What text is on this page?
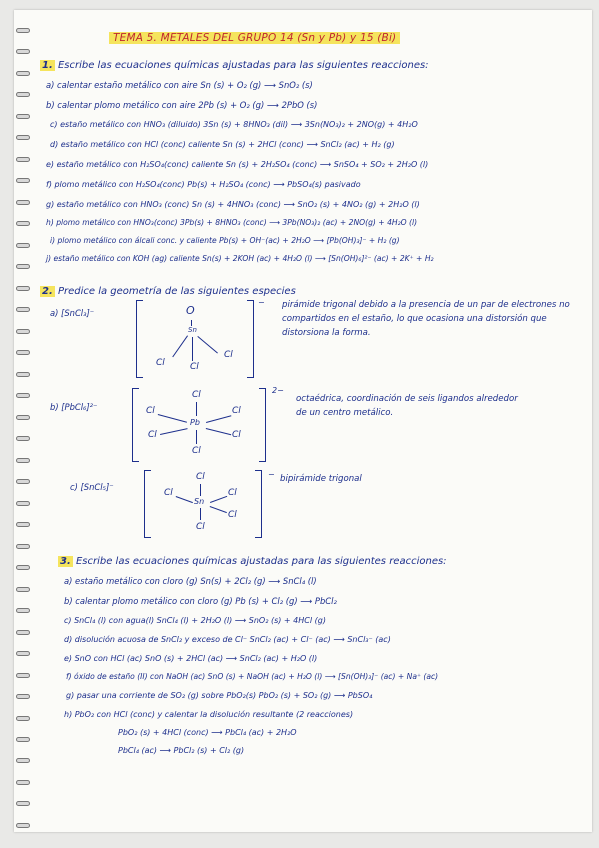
TEMA 5. METALES DEL GRUPO 14 (Sn y Pb) y 15 (Bi)
1. Escribe las ecuaciones químicas ajustadas para las siguientes reacciones:
a) calentar estaño metálico con aire Sn (s) + O₂ (g) ⟶ SnO₂ (s)
b) calentar plomo metálico con aire 2Pb (s) + O₂ (g) ⟶ 2PbO (s)
c) estaño metálico con HNO₃ (diluido) 3Sn (s) + 8HNO₃ (dil) ⟶ 3Sn(NO₃)₂ + 2NO(g) + 4H₂O
d) estaño metálico con HCl (conc) caliente Sn (s) + 2HCl (conc) ⟶ SnCl₂ (ac) + H₂ (g)
e) estaño metálico con H₂SO₄(conc) caliente Sn (s) + 2H₂SO₄ (conc) ⟶ SnSO₄ + SO₂ + 2H₂O (l)
f) plomo metálico con H₂SO₄(conc) Pb(s) + H₂SO₄ (conc) ⟶ PbSO₄(s) pasivado
g) estaño metálico con HNO₃ (conc) Sn (s) + 4HNO₃ (conc) ⟶ SnO₂ (s) + 4NO₂ (g) + 2H₂O (l)
h) plomo metálico con HNO₃(conc) 3Pb(s) + 8HNO₃ (conc) ⟶ 3Pb(NO₃)₂ (ac) + 2NO(g) + 4H₂O (l)
i) plomo metálico con álcali conc. y caliente Pb(s) + OH⁻(ac) + 2H₂O ⟶ [Pb(OH)₃]⁻ + H₂ (g)
j) estaño metálico con KOH (ag) caliente Sn(s) + 2KOH (ac) + 4H₂O (l) ⟶ [Sn(OH)₆]²⁻ (ac) + 2K⁺ + H₂
2. Predice la geometría de las siguientes especies
a) [SnCl₃]⁻	O
Sn
Cl	Cl
Cl
− pirámide trigonal debido a la presencia de un par de electrones no compartidos en el estaño, lo que ocasiona una distorsión que distorsiona la forma.
b) [PbCl₆]²⁻
Cl
Cl
Cl	Cl
Cl	Cl
Pb
2−
octaédrica, coordinación de seis ligandos alrededor de un centro metálico.
c) [SnCl₅]⁻
Cl
Cl
Cl	Cl
Cl
Sn
− bipirámide trigonal
3. Escribe las ecuaciones químicas ajustadas para las siguientes reacciones:
a) estaño metálico con cloro (g) Sn(s) + 2Cl₂ (g) ⟶ SnCl₄ (l)
b) calentar plomo metálico con cloro (g) Pb (s) + Cl₂ (g) ⟶ PbCl₂
c) SnCl₄ (l) con agua(l) SnCl₄ (l) + 2H₂O (l) ⟶ SnO₂ (s) + 4HCl (g)
d) disolución acuosa de SnCl₂ y exceso de Cl⁻ SnCl₂ (ac) + Cl⁻ (ac) ⟶ SnCl₃⁻ (ac)
e) SnO con HCl (ac) SnO (s) + 2HCl (ac) ⟶ SnCl₂ (ac) + H₂O (l)
f) óxido de estaño (II) con NaOH (ac) SnO (s) + NaOH (ac) + H₂O (l) ⟶ [Sn(OH)₃]⁻ (ac) + Na⁺ (ac)
g) pasar una corriente de SO₂ (g) sobre PbO₂(s) PbO₂ (s) + SO₂ (g) ⟶ PbSO₄
h) PbO₂ con HCl (conc) y calentar la disolución resultante (2 reacciones)
PbO₂ (s) + 4HCl (conc) ⟶ PbCl₄ (ac) + 2H₂O
PbCl₄ (ac) ⟶ PbCl₂ (s) + Cl₂ (g)
